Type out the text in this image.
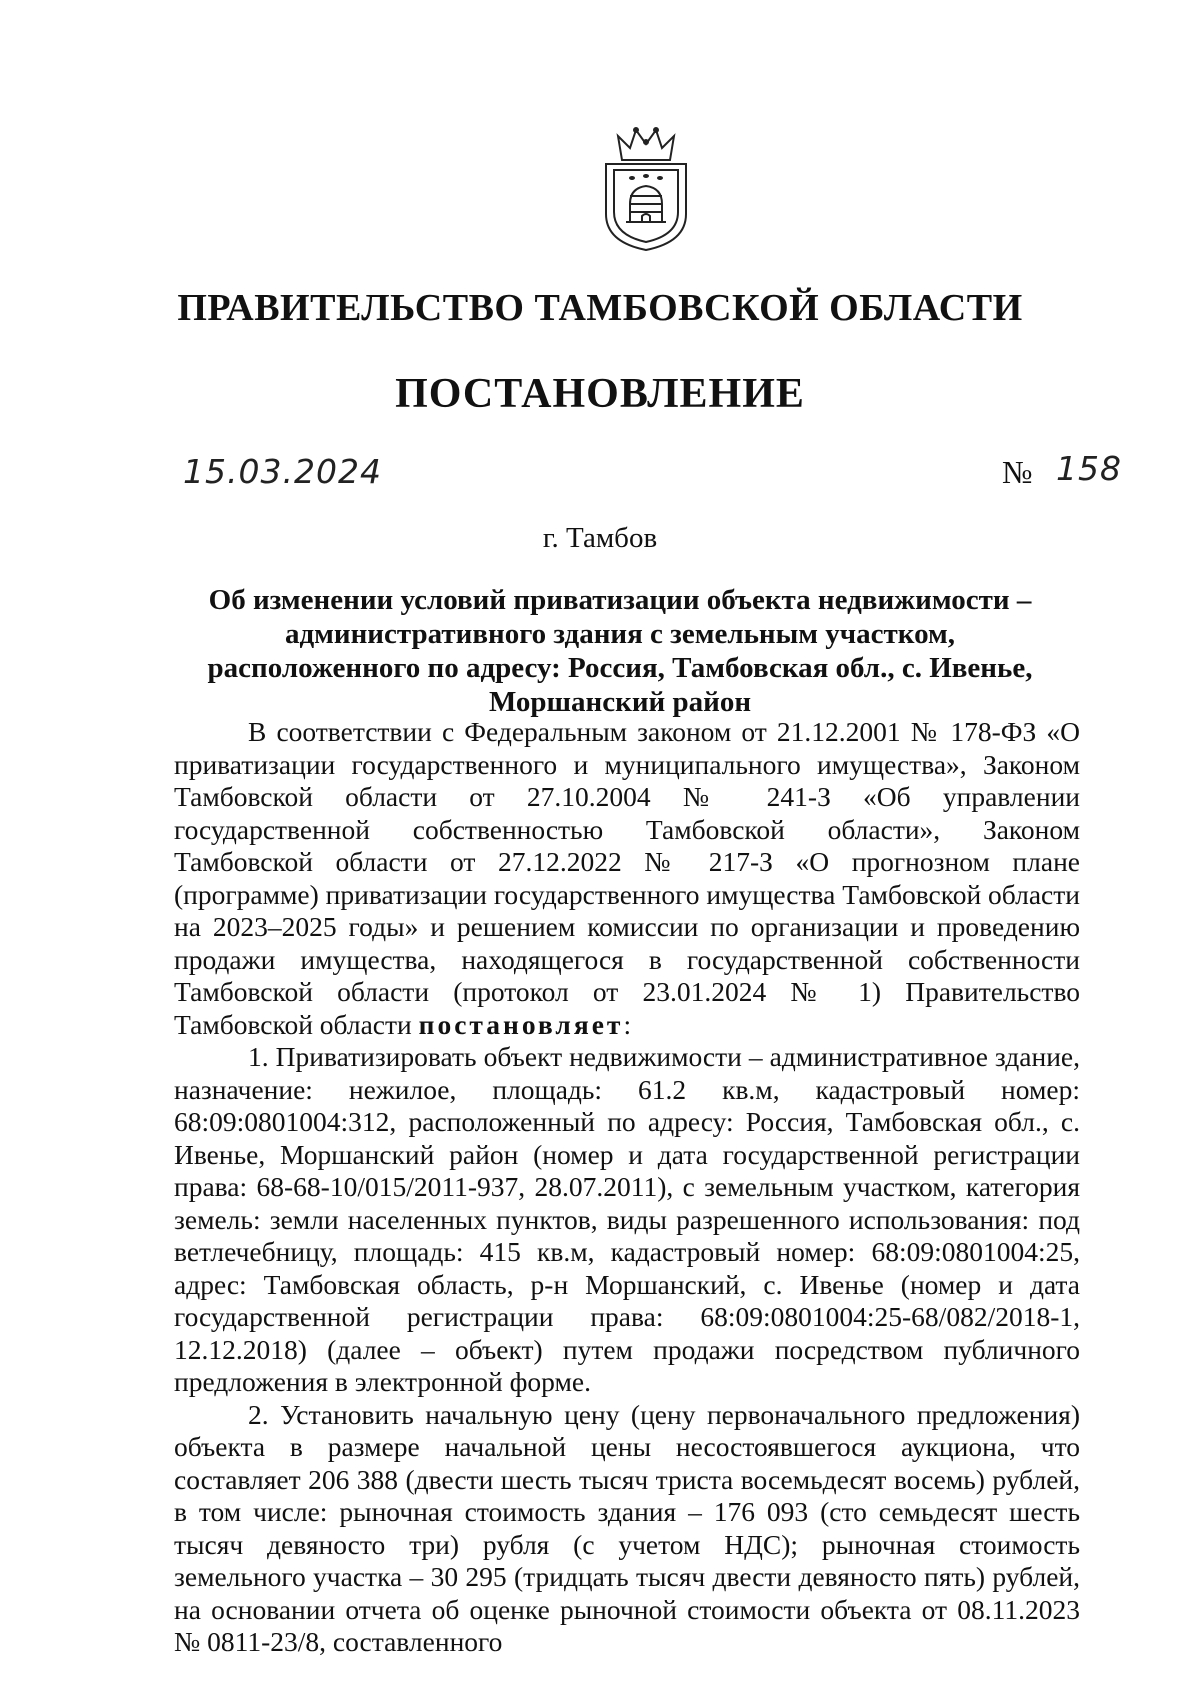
ПРАВИТЕЛЬСТВО ТАМБОВСКОЙ ОБЛАСТИ
ПОСТАНОВЛЕНИЕ
15.03.2024	№ 158
г. Тамбов
Об изменении условий приватизации объекта недвижимости – административного здания с земельным участком, расположенного по адресу: Россия, Тамбовская обл., с. Ивенье, Моршанский район

В соответствии с Федеральным законом от 21.12.2001 № 178-ФЗ «О приватизации государственного и муниципального имущества», Законом Тамбовской области от 27.10.2004 № 241-З «Об управлении государственной собственностью Тамбовской области», Законом Тамбовской области от 27.12.2022 № 217-З «О прогнозном плане (программе) приватизации государственного имущества Тамбовской области на 2023–2025 годы» и решением комиссии по организации и проведению продажи имущества, находящегося в государственной собственности Тамбовской области (протокол от 23.01.2024 № 1) Правительство Тамбовской области постановляет:

1. Приватизировать объект недвижимости – административное здание, назначение: нежилое, площадь: 61.2 кв.м, кадастровый номер: 68:09:0801004:312, расположенный по адресу: Россия, Тамбовская обл., с. Ивенье, Моршанский район (номер и дата государственной регистрации права: 68-68-10/015/2011-937, 28.07.2011), с земельным участком, категория земель: земли населенных пунктов, виды разрешенного использования: под ветлечебницу, площадь: 415 кв.м, кадастровый номер: 68:09:0801004:25, адрес: Тамбовская область, р-н Моршанский, с. Ивенье (номер и дата государственной регистрации права: 68:09:0801004:25-68/082/2018-1, 12.12.2018) (далее – объект) путем продажи посредством публичного предложения в электронной форме.

2. Установить начальную цену (цену первоначального предложения) объекта в размере начальной цены несостоявшегося аукциона, что составляет 206 388 (двести шесть тысяч триста восемьдесят восемь) рублей, в том числе: рыночная стоимость здания – 176 093 (сто семьдесят шесть тысяч девяносто три) рубля (с учетом НДС); рыночная стоимость земельного участка – 30 295 (тридцать тысяч двести девяносто пять) рублей, на основании отчета об оценке рыночной стоимости объекта от 08.11.2023 № 0811-23/8, составленного
